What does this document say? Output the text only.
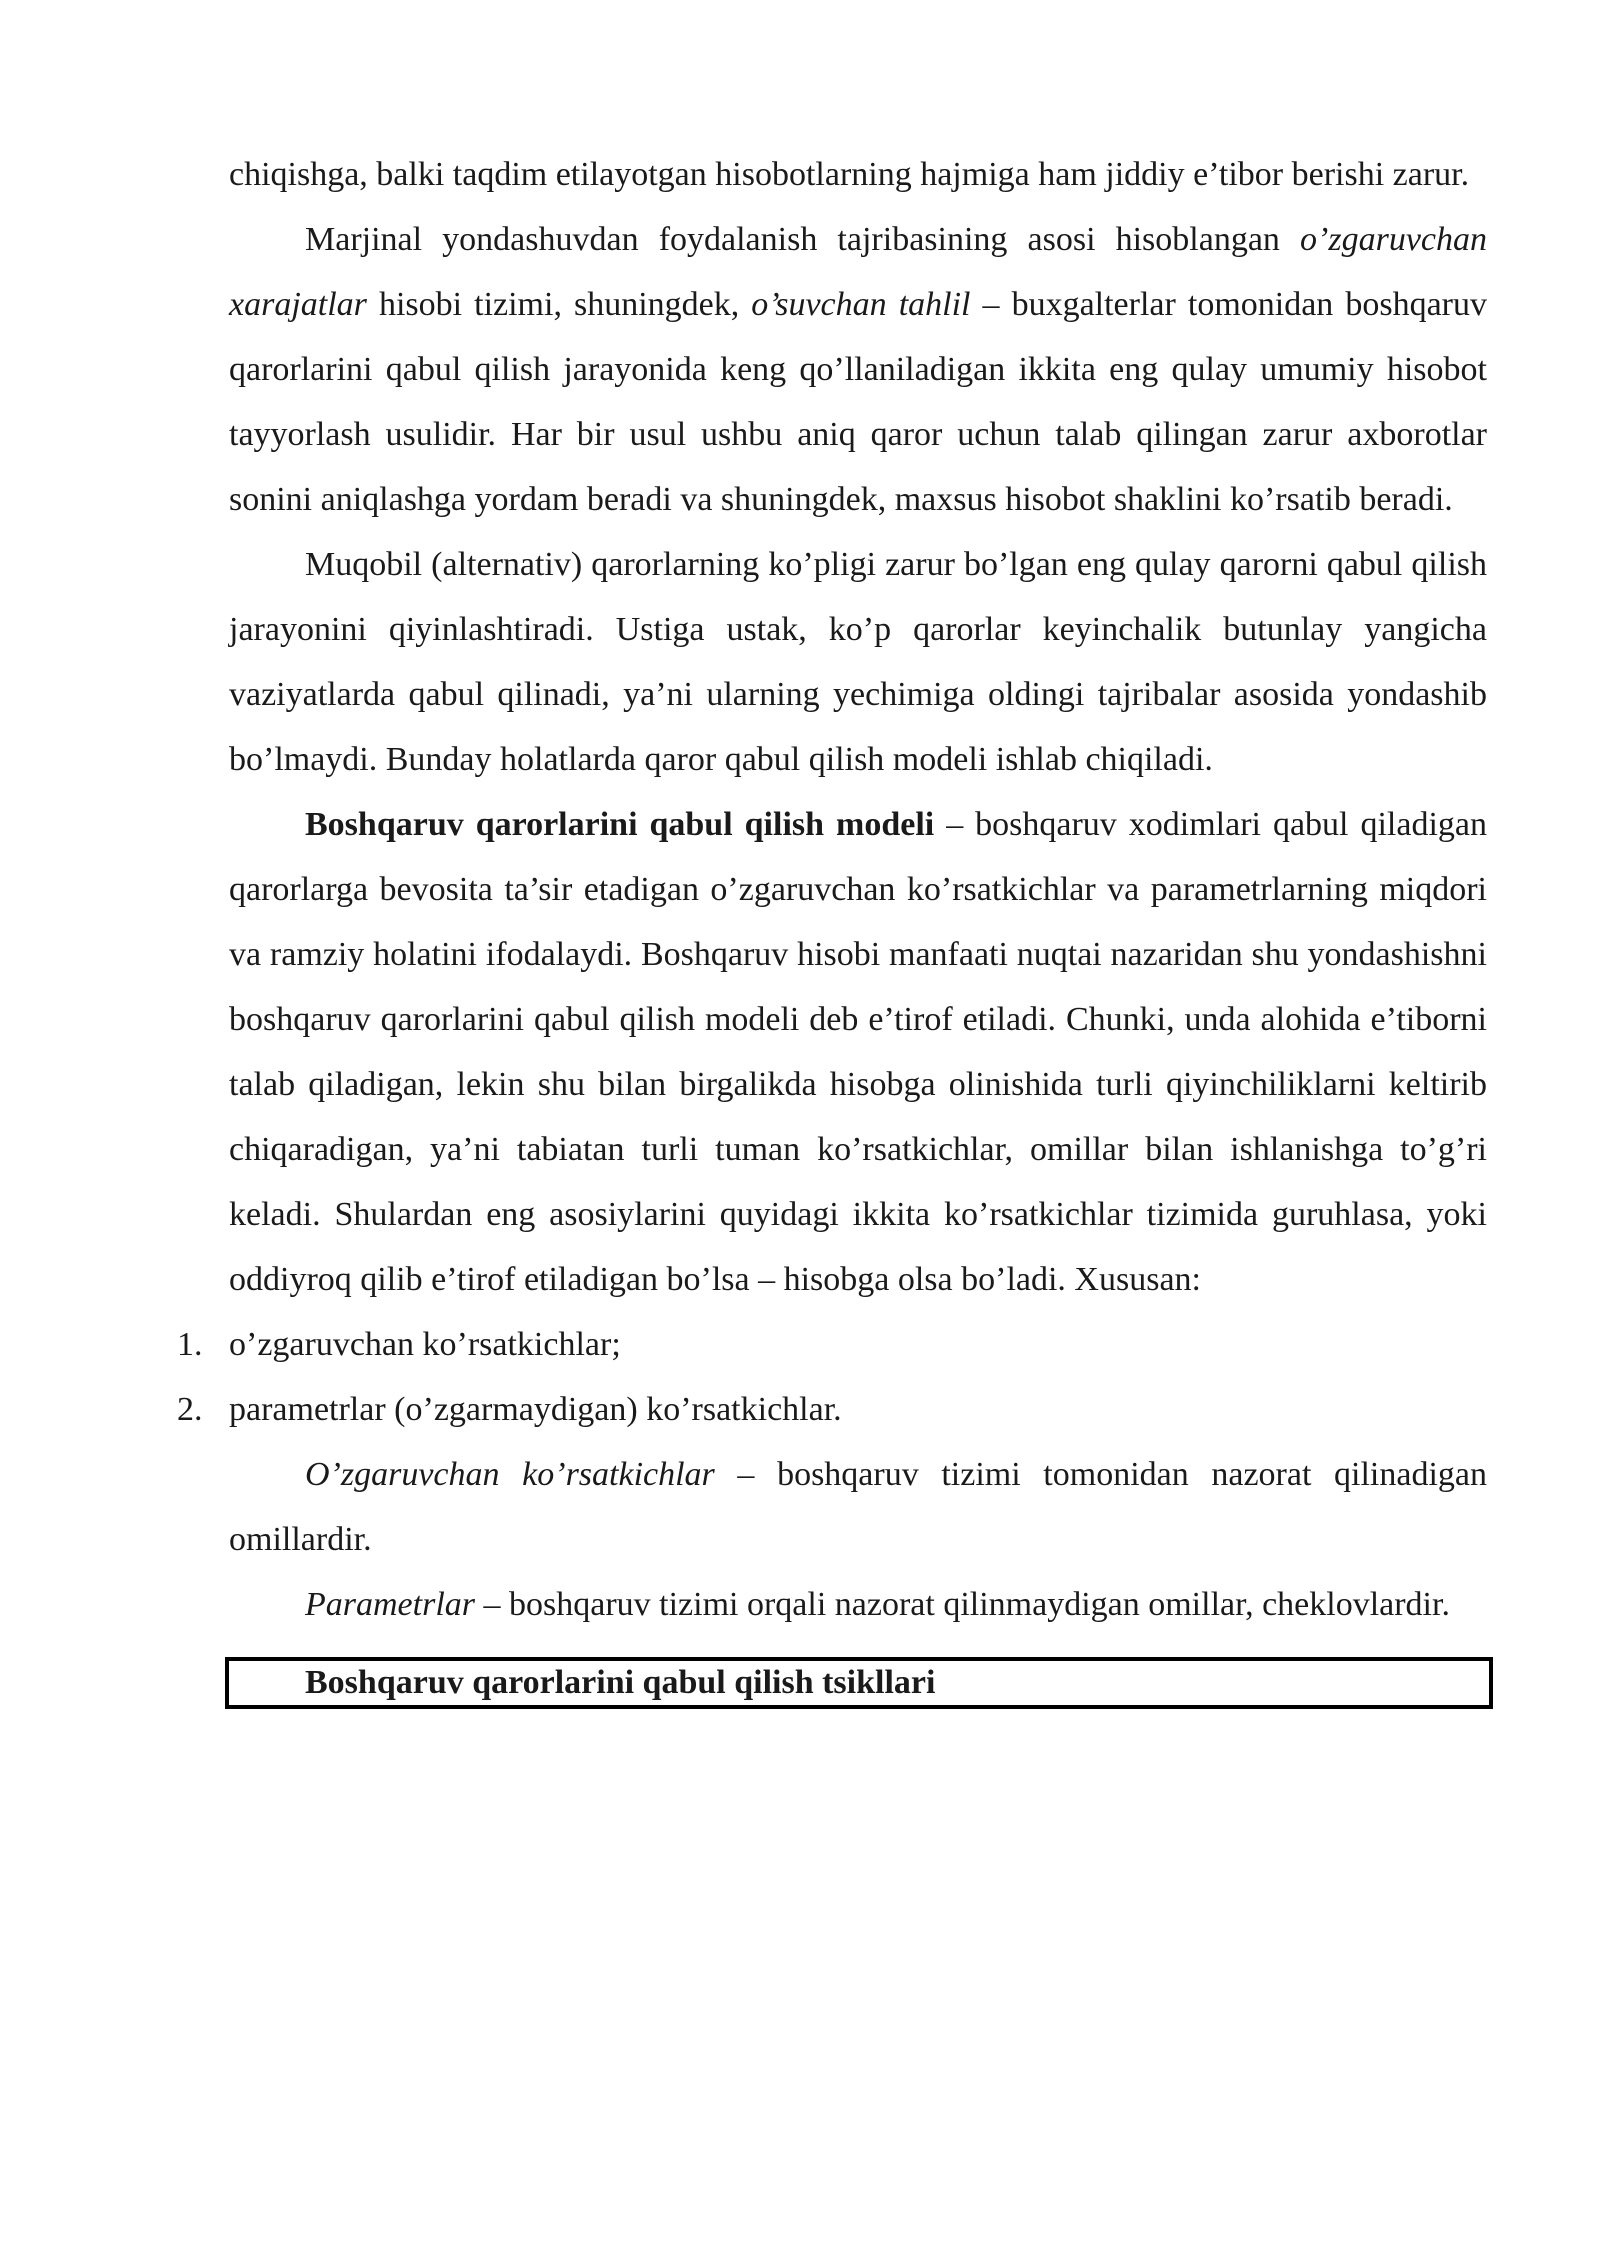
chiqishga, balki taqdim etilayotgan hisobotlarning hajmiga ham jiddiy e’tibor berishi zarur.

Marjinal yondashuvdan foydalanish tajribasining asosi hisoblangan o’zgaruvchan xarajatlar hisobi tizimi, shuningdek, o’suvchan tahlil – buxgalterlar tomonidan boshqaruv qarorlarini qabul qilish jarayonida keng qo’llaniladigan ikkita eng qulay umumiy hisobot tayyorlash usulidir. Har bir usul ushbu aniq qaror uchun talab qilingan zarur axborotlar sonini aniqlashga yordam beradi va shuningdek, maxsus hisobot shaklini ko’rsatib beradi.

Muqobil (alternativ) qarorlarning ko’pligi zarur bo’lgan eng qulay qarorni qabul qilish jarayonini qiyinlashtiradi. Ustiga ustak, ko’p qarorlar keyinchalik butunlay yangicha vaziyatlarda qabul qilinadi, ya’ni ularning yechimiga oldingi tajribalar asosida yondashib bo’lmaydi. Bunday holatlarda qaror qabul qilish modeli ishlab chiqiladi.

Boshqaruv qarorlarini qabul qilish modeli – boshqaruv xodimlari qabul qiladigan qarorlarga bevosita ta’sir etadigan o’zgaruvchan ko’rsatkichlar va parametrlarning miqdori va ramziy holatini ifodalaydi. Boshqaruv hisobi manfaati nuqtai nazaridan shu yondashishni boshqaruv qarorlarini qabul qilish modeli deb e’tirof etiladi. Chunki, unda alohida e’tiborni talab qiladigan, lekin shu bilan birgalikda hisobga olinishida turli qiyinchiliklarni keltirib chiqaradigan, ya’ni tabiatan turli tuman ko’rsatkichlar, omillar bilan ishlanishga to’g’ri keladi. Shulardan eng asosiylarini quyidagi ikkita ko’rsatkichlar tizimida guruhlasa, yoki oddiyroq qilib e’tirof etiladigan bo’lsa – hisobga olsa bo’ladi. Xususan:

1. o’zgaruvchan ko’rsatkichlar;

2. parametrlar (o’zgarmaydigan) ko’rsatkichlar.

O’zgaruvchan ko’rsatkichlar – boshqaruv tizimi tomonidan nazorat qilinadigan omillardir.

Parametrlar – boshqaruv tizimi orqali nazorat qilinmaydigan omillar, cheklovlardir.

Boshqaruv qarorlarini qabul qilish tsikllari
